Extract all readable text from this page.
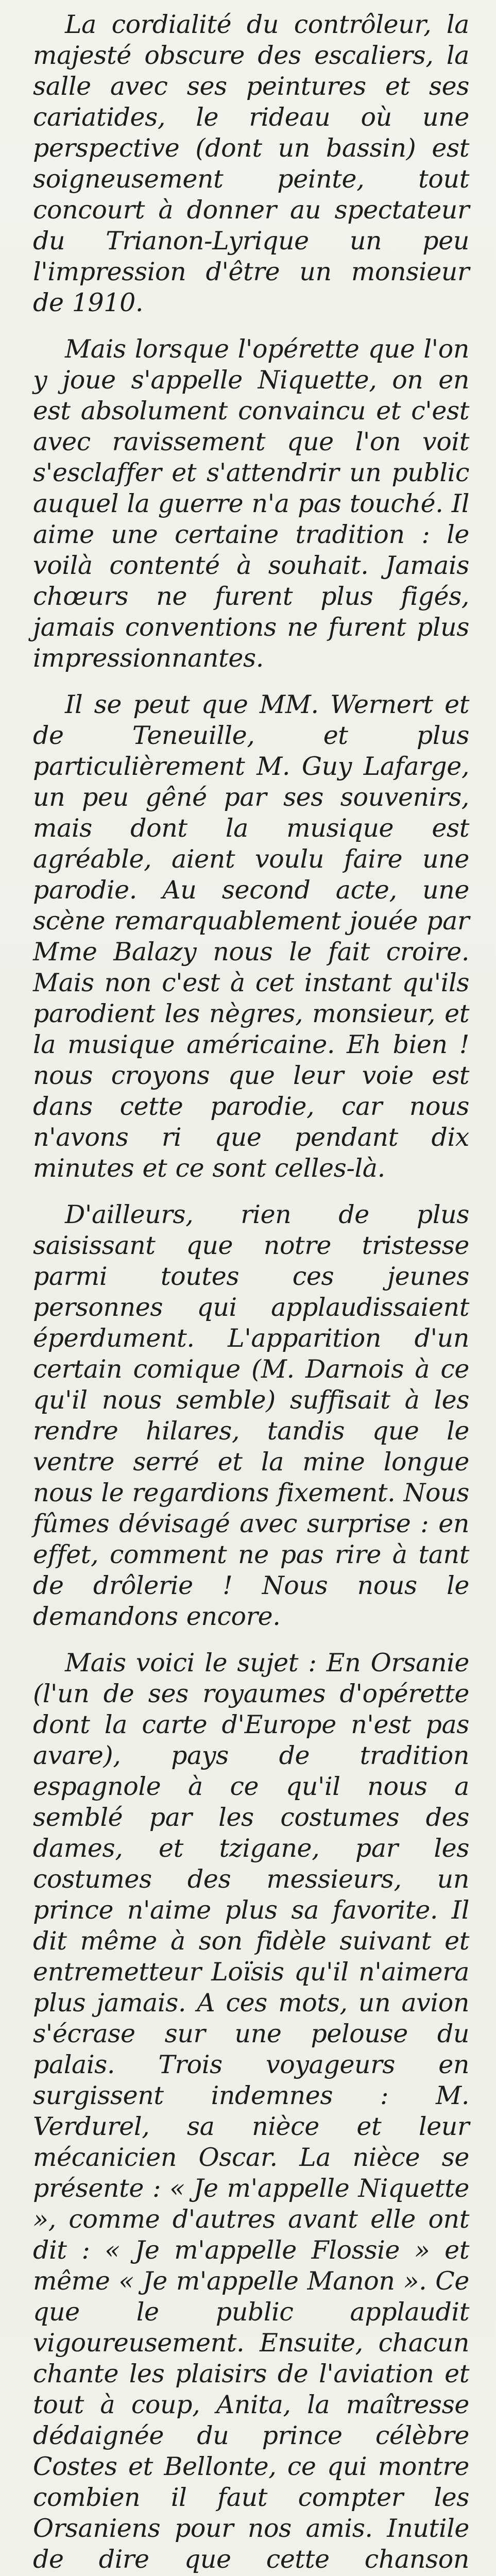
La cordialité du contrôleur, la majesté obscure des escaliers, la salle avec ses peintures et ses cariatides, le rideau où une perspective (dont un bassin) est soigneusement peinte, tout concourt à donner au spectateur du Trianon-Lyrique un peu l'impression d'être un monsieur de 1910.

Mais lorsque l'opérette que l'on y joue s'appelle Niquette, on en est absolument convaincu et c'est avec ravissement que l'on voit s'esclaffer et s'attendrir un public auquel la guerre n'a pas touché. Il aime une certaine tradition : le voilà contenté à souhait. Jamais chœurs ne furent plus figés, jamais conventions ne furent plus impressionnantes.

Il se peut que MM. Wernert et de Teneuille, et plus particulièrement M. Guy Lafarge, un peu gêné par ses souvenirs, mais dont la musique est agréable, aient voulu faire une parodie. Au second acte, une scène remarquablement jouée par Mme Balazy nous le fait croire. Mais non c'est à cet instant qu'ils parodient les nègres, monsieur, et la musique américaine. Eh bien ! nous croyons que leur voie est dans cette parodie, car nous n'avons ri que pendant dix minutes et ce sont celles-là.

D'ailleurs, rien de plus saisissant que notre tristesse parmi toutes ces jeunes personnes qui applaudissaient éperdument. L'apparition d'un certain comique (M. Darnois à ce qu'il nous semble) suffisait à les rendre hilares, tandis que le ventre serré et la mine longue nous le regardions fixement. Nous fûmes dévisagé avec surprise : en effet, comment ne pas rire à tant de drôlerie ! Nous nous le demandons encore.

Mais voici le sujet : En Orsanie (l'un de ses royaumes d'opérette dont la carte d'Europe n'est pas avare), pays de tradition espagnole à ce qu'il nous a semblé par les costumes des dames, et tzigane, par les costumes des messieurs, un prince n'aime plus sa favorite. Il dit même à son fidèle suivant et entremetteur Loïsis qu'il n'aimera plus jamais. A ces mots, un avion s'écrase sur une pelouse du palais. Trois voyageurs en surgissent indemnes : M. Verdurel, sa nièce et leur mécanicien Oscar. La nièce se présente : « Je m'appelle Niquette », comme d'autres avant elle ont dit : « Je m'appelle Flossie » et même « Je m'appelle Manon ». Ce que le public applaudit vigoureusement. Ensuite, chacun chante les plaisirs de l'aviation et tout à coup, Anita, la maîtresse dédaignée du prince célèbre Costes et Bellonte, ce qui montre combien il faut compter les Orsaniens pour nos amis. Inutile de dire que cette chanson
